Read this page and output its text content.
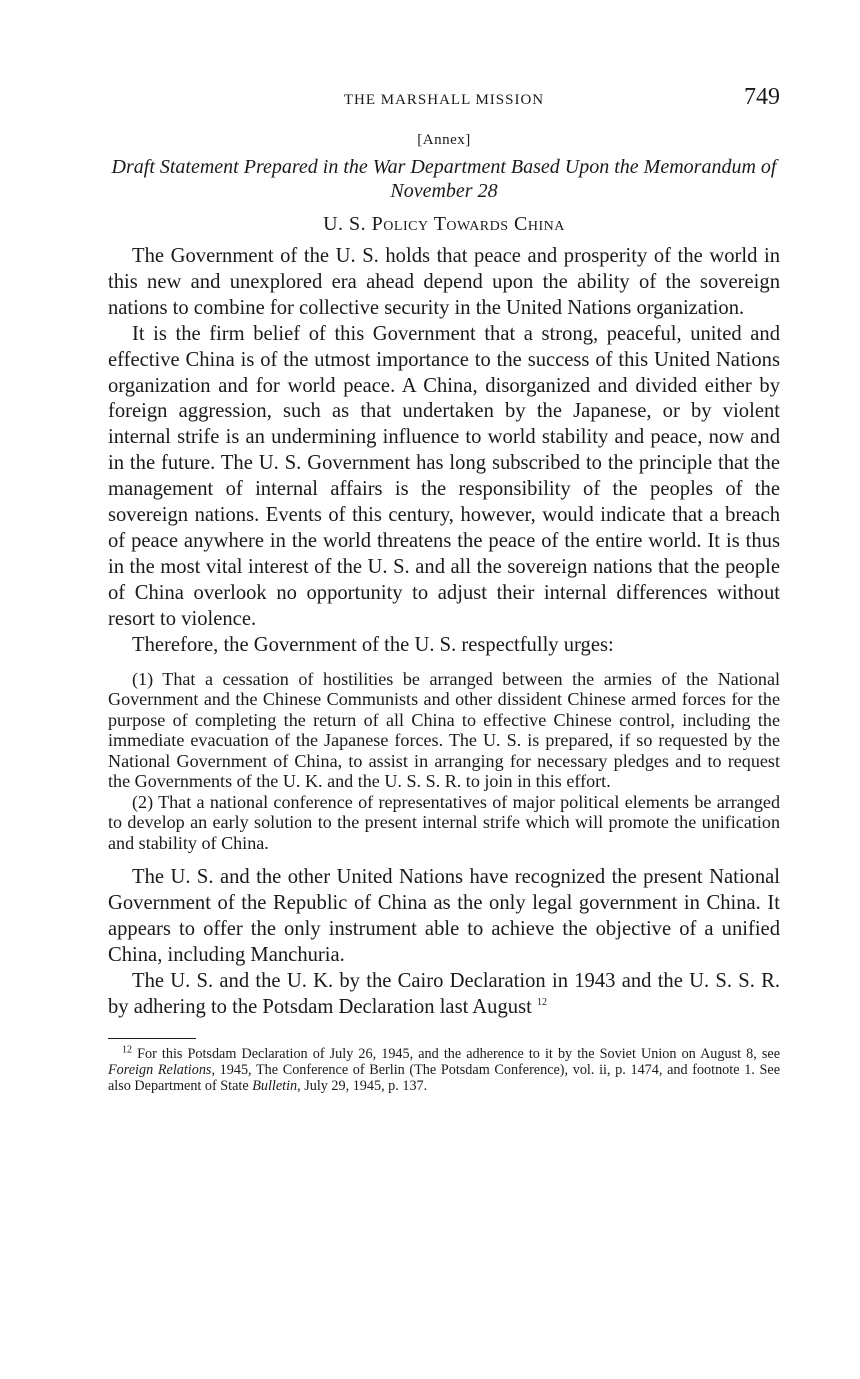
THE MARSHALL MISSION	749
[Annex]
Draft Statement Prepared in the War Department Based Upon the Memorandum of November 28
U. S. Policy Towards China

The Government of the U. S. holds that peace and prosperity of the world in this new and unexplored era ahead depend upon the ability of the sovereign nations to combine for collective security in the United Nations organization.

It is the firm belief of this Government that a strong, peaceful, united and effective China is of the utmost importance to the success of this United Nations organization and for world peace. A China, disorganized and divided either by foreign aggression, such as that undertaken by the Japanese, or by violent internal strife is an undermining influence to world stability and peace, now and in the future. The U. S. Government has long subscribed to the principle that the management of internal affairs is the responsibility of the peoples of the sovereign nations. Events of this century, however, would indicate that a breach of peace anywhere in the world threatens the peace of the entire world. It is thus in the most vital interest of the U. S. and all the sovereign nations that the people of China overlook no opportunity to adjust their internal differences without resort to violence.

Therefore, the Government of the U. S. respectfully urges:

(1) That a cessation of hostilities be arranged between the armies of the National Government and the Chinese Communists and other dissident Chinese armed forces for the purpose of completing the return of all China to effective Chinese control, including the immediate evacuation of the Japanese forces. The U. S. is prepared, if so requested by the National Government of China, to assist in arranging for necessary pledges and to request the Governments of the U. K. and the U. S. S. R. to join in this effort.

(2) That a national conference of representatives of major political elements be arranged to develop an early solution to the present internal strife which will promote the unification and stability of China.

The U. S. and the other United Nations have recognized the present National Government of the Republic of China as the only legal government in China. It appears to offer the only instrument able to achieve the objective of a unified China, including Manchuria.

The U. S. and the U. K. by the Cairo Declaration in 1943 and the U. S. S. R. by adhering to the Potsdam Declaration last August $^{12}$

$^{12}$ For this Potsdam Declaration of July 26, 1945, and the adherence to it by the Soviet Union on August 8, see Foreign Relations, 1945, The Conference of Berlin (The Potsdam Conference), vol. ii, p. 1474, and footnote 1. See also Department of State Bulletin, July 29, 1945, p. 137.
